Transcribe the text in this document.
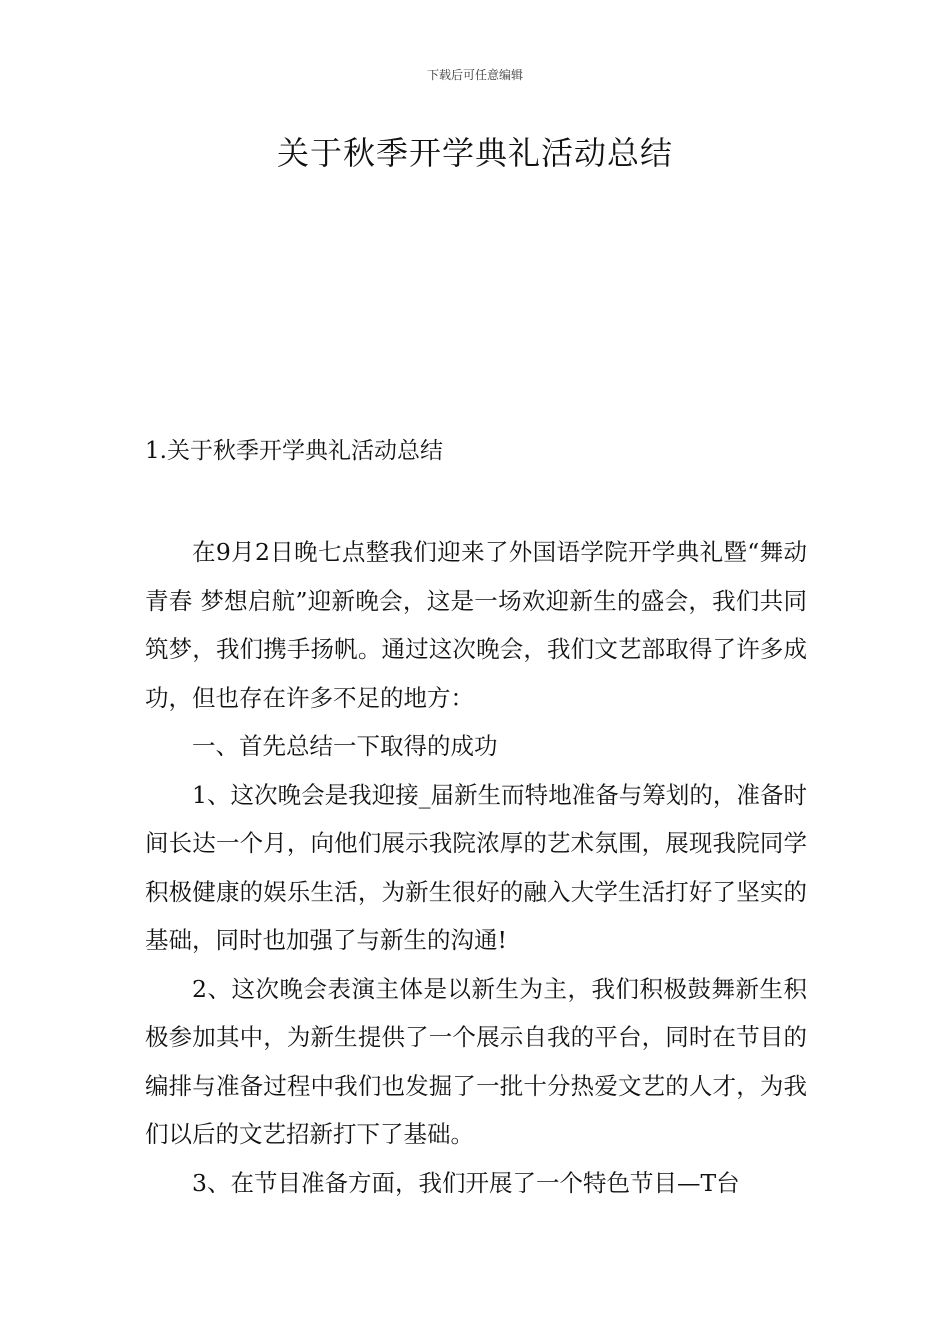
下载后可任意编辑
关于秋季开学典礼活动总结
1.关于秋季开学典礼活动总结

在9月2日晚七点整我们迎来了外国语学院开学典礼暨“舞动青春 梦想启航”迎新晚会，这是一场欢迎新生的盛会，我们共同筑梦，我们携手扬帆。通过这次晚会，我们文艺部取得了许多成功，但也存在许多不足的地方：

一、首先总结一下取得的成功

1、这次晚会是我迎接_届新生而特地准备与筹划的，准备时间长达一个月，向他们展示我院浓厚的艺术氛围，展现我院同学积极健康的娱乐生活，为新生很好的融入大学生活打好了坚实的基础，同时也加强了与新生的沟通!

2、这次晚会表演主体是以新生为主，我们积极鼓舞新生积极参加其中，为新生提供了一个展示自我的平台，同时在节目的编排与准备过程中我们也发掘了一批十分热爱文艺的人才，为我们以后的文艺招新打下了基础。

3、在节目准备方面，我们开展了一个特色节目—T台
